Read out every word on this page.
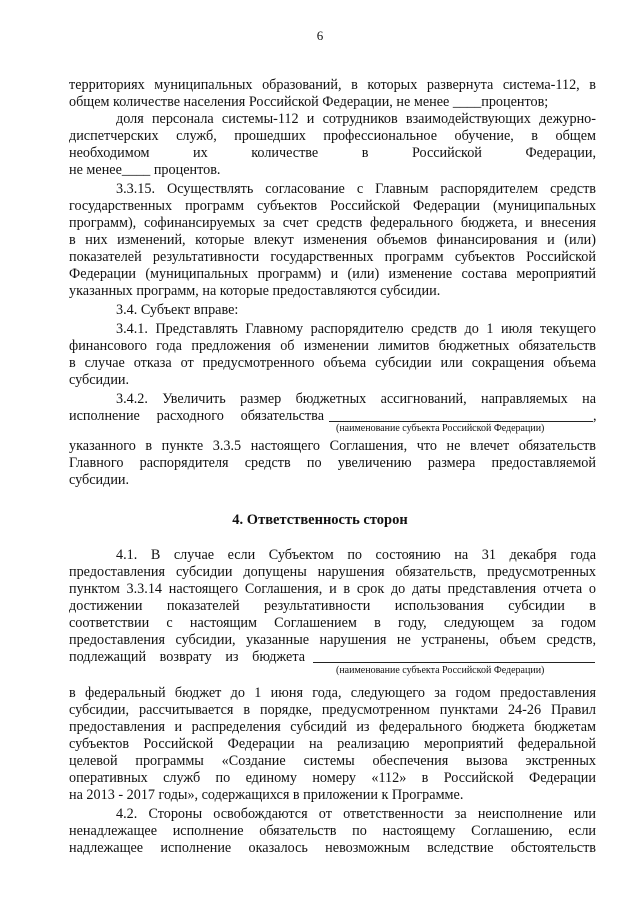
6

территориях муниципальных образований, в которых развернута система-112, в

общем количестве населения Российской Федерации, не менее ____процентов;

доля персонала системы-112 и сотрудников взаимодействующих дежурно-

диспетчерских служб, прошедших профессиональное обучение, в общем

необходимом их количестве в Российской Федерации,

не менее____ процентов.

3.3.15. Осуществлять согласование с Главным распорядителем средств

государственных программ субъектов Российской Федерации (муниципальных

программ), софинансируемых за счет средств федерального бюджета, и внесения

в них изменений, которые влекут изменения объемов финансирования и (или)

показателей результативности государственных программ субъектов Российской

Федерации (муниципальных программ) и (или) изменение состава мероприятий

указанных программ, на которые предоставляются субсидии.

3.4. Субъект вправе:

3.4.1. Представлять Главному распорядителю средств до 1 июля текущего

финансового года предложения об изменении лимитов бюджетных обязательств

в случае отказа от предусмотренного объема субсидии или сокращения объема

субсидии.

3.4.2. Увеличить размер бюджетных ассигнований, направляемых на

исполнение расходного обязательства	,

(наименование субъекта Российской Федерации)

указанного в пункте 3.3.5 настоящего Соглашения, что не влечет обязательств

Главного распорядителя средств по увеличению размера предоставляемой

субсидии.

4. Ответственность сторон

4.1. В случае если Субъектом по состоянию на 31 декабря года

предоставления субсидии допущены нарушения обязательств, предусмотренных

пунктом 3.3.14 настоящего Соглашения, и в срок до даты представления отчета о

достижении показателей результативности использования субсидии в

соответствии с настоящим Соглашением в году, следующем за годом

предоставления субсидии, указанные нарушения не устранены, объем средств,

подлежащий возврату из бюджета

(наименование субъекта Российской Федерации)

в федеральный бюджет до 1 июня года, следующего за годом предоставления

субсидии, рассчитывается в порядке, предусмотренном пунктами 24-26 Правил

предоставления и распределения субсидий из федерального бюджета бюджетам

субъектов Российской Федерации на реализацию мероприятий федеральной

целевой программы «Создание системы обеспечения вызова экстренных

оперативных служб по единому номеру «112» в Российской Федерации

на 2013 - 2017 годы», содержащихся в приложении к Программе.

4.2. Стороны освобождаются от ответственности за неисполнение или

ненадлежащее исполнение обязательств по настоящему Соглашению, если

надлежащее исполнение оказалось невозможным вследствие обстоятельств
